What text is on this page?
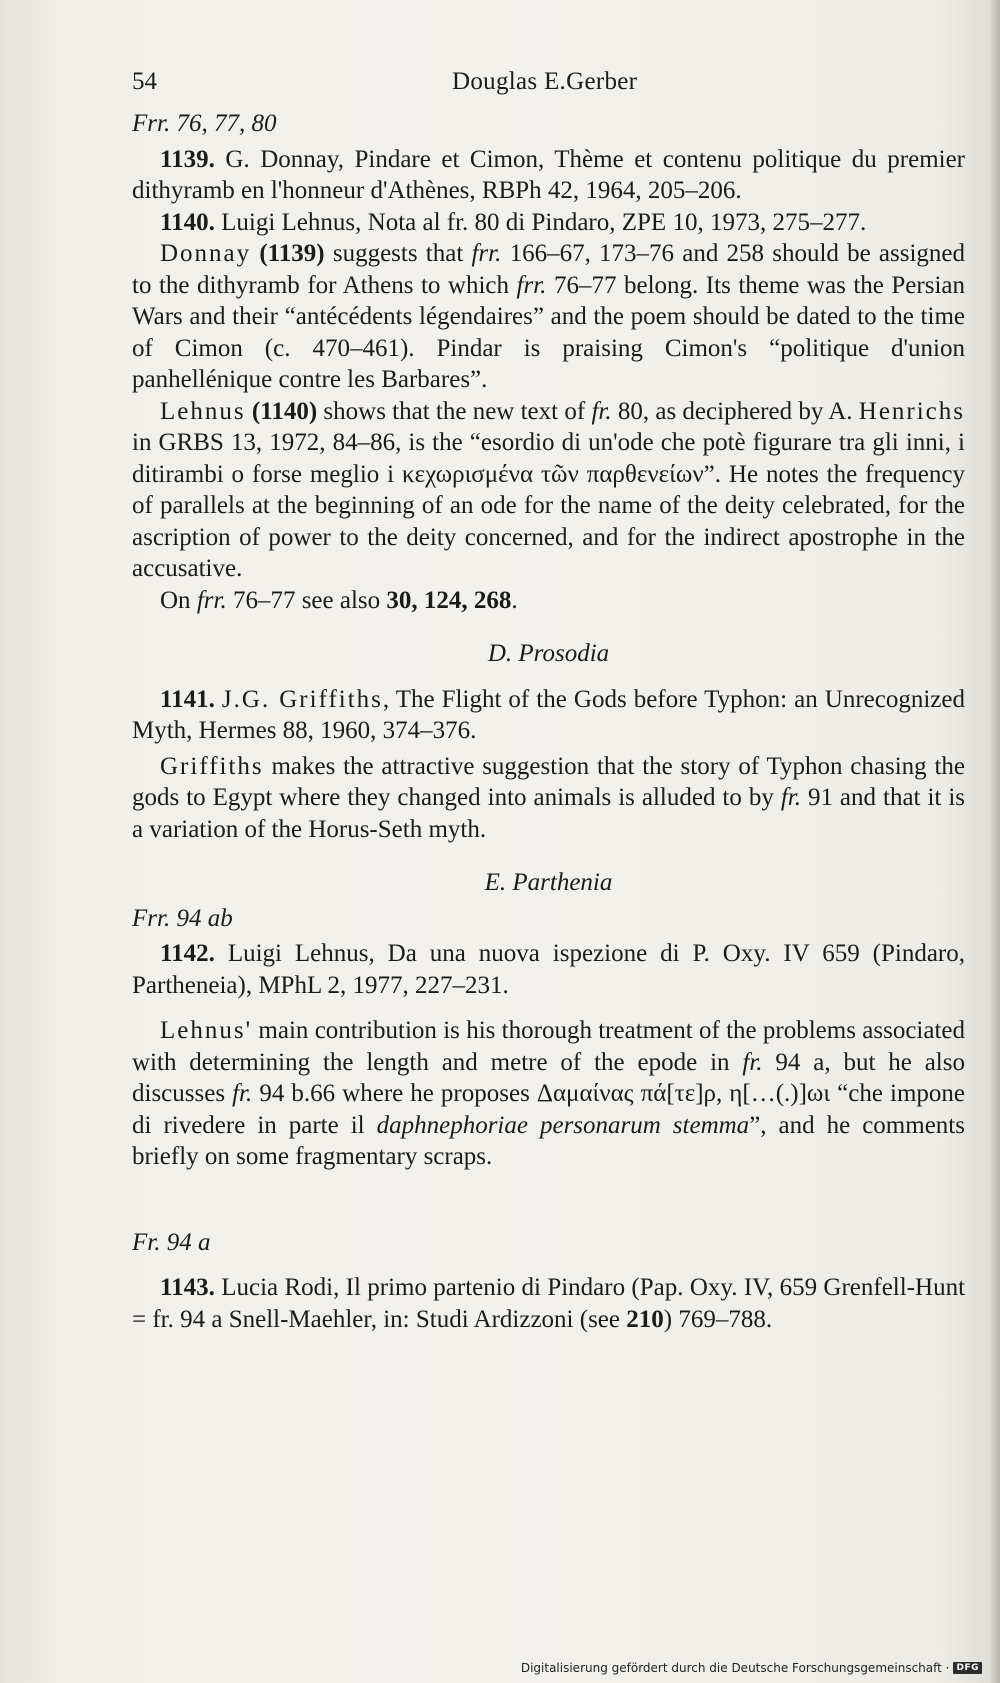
54	Douglas E.Gerber

Frr. 76, 77, 80

1139. G. Donnay, Pindare et Cimon, Thème et contenu politique du premier dithyramb en l'honneur d'Athènes, RBPh 42, 1964, 205–206.

1140. Luigi Lehnus, Nota al fr. 80 di Pindaro, ZPE 10, 1973, 275–277.

Donnay (1139) suggests that frr. 166–67, 173–76 and 258 should be assigned to the dithyramb for Athens to which frr. 76–77 belong. Its theme was the Persian Wars and their “antécédents légendaires” and the poem should be dated to the time of Cimon (c. 470–461). Pindar is praising Cimon's “politique d'union panhellénique contre les Barbares”.

Lehnus (1140) shows that the new text of fr. 80, as deciphered by A. Henrichs in GRBS 13, 1972, 84–86, is the “esordio di un'ode che potè figurare tra gli inni, i ditirambi o forse meglio i κεχωρισμένα τῶν παρθενείων”. He notes the frequency of parallels at the beginning of an ode for the name of the deity celebrated, for the ascription of power to the deity concerned, and for the indirect apostrophe in the accusative.

On frr. 76–77 see also 30, 124, 268.

D. Prosodia

1141. J.G. Griffiths, The Flight of the Gods before Typhon: an Unrecognized Myth, Hermes 88, 1960, 374–376.

Griffiths makes the attractive suggestion that the story of Typhon chasing the gods to Egypt where they changed into animals is alluded to by fr. 91 and that it is a variation of the Horus-Seth myth.

E. Parthenia

Frr. 94 ab

1142. Luigi Lehnus, Da una nuova ispezione di P. Oxy. IV 659 (Pindaro, Partheneia), MPhL 2, 1977, 227–231.

Lehnus' main contribution is his thorough treatment of the problems associated with determining the length and metre of the epode in fr. 94 a, but he also discusses fr. 94 b.66 where he proposes Δαμαίνας πά[τε]ρ, η[…(.)]ωι “che impone di rivedere in parte il daphnephoriae personarum stemma”, and he comments briefly on some fragmentary scraps.

Fr. 94 a

1143. Lucia Rodi, Il primo partenio di Pindaro (Pap. Oxy. IV, 659 Grenfell-Hunt = fr. 94 a Snell-Maehler, in: Studi Ardizzoni (see 210) 769–788.

Digitalisierung gefördert durch die Deutsche Forschungsgemeinschaft · DFG
